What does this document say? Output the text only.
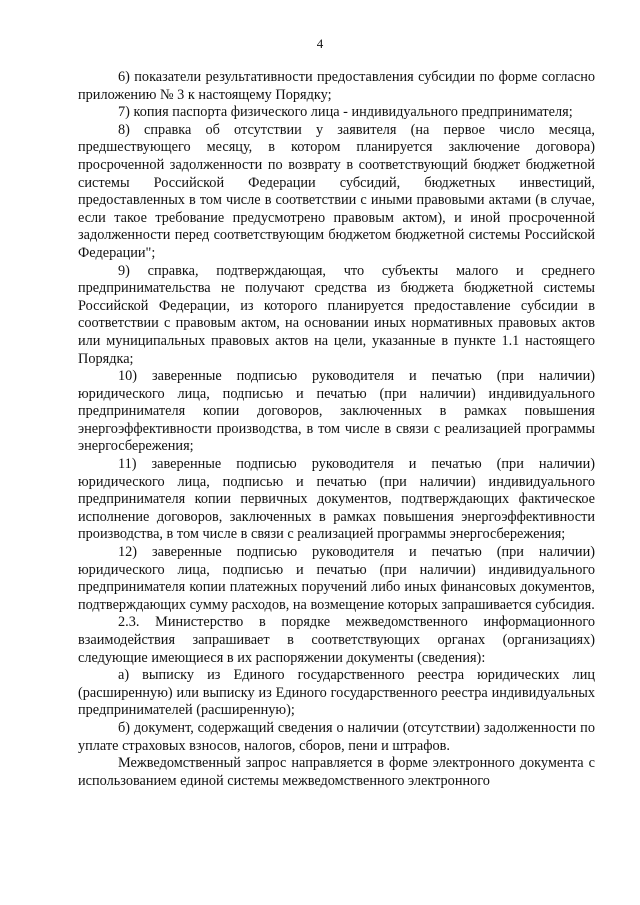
4

6) показатели результативности предоставления субсидии по форме согласно приложению № 3 к настоящему Порядку;

7) копия паспорта физического лица - индивидуального предпринимателя;

8) справка об отсутствии у заявителя (на первое число месяца, предшествующего месяцу, в котором планируется заключение договора) просроченной задолженности по возврату в соответствующий бюджет бюджетной системы Российской Федерации субсидий, бюджетных инвестиций, предоставленных в том числе в соответствии с иными правовыми актами (в случае, если такое требование предусмотрено правовым актом), и иной просроченной задолженности перед соответствующим бюджетом бюджетной системы Российской Федерации";

9) справка, подтверждающая, что субъекты малого и среднего предпринимательства не получают средства из бюджета бюджетной системы Российской Федерации, из которого планируется предоставление субсидии в соответствии с правовым актом, на основании иных нормативных правовых актов или муниципальных правовых актов на цели, указанные в пункте 1.1 настоящего Порядка;

10) заверенные подписью руководителя и печатью (при наличии) юридического лица, подписью и печатью (при наличии) индивидуального предпринимателя копии договоров, заключенных в рамках повышения энергоэффективности производства, в том числе в связи с реализацией программы энергосбережения;

11) заверенные подписью руководителя и печатью (при наличии) юридического лица, подписью и печатью (при наличии) индивидуального предпринимателя копии первичных документов, подтверждающих фактическое исполнение договоров, заключенных в рамках повышения энергоэффективности производства, в том числе в связи с реализацией программы энергосбережения;

12) заверенные подписью руководителя и печатью (при наличии) юридического лица, подписью и печатью (при наличии) индивидуального предпринимателя копии платежных поручений либо иных финансовых документов, подтверждающих сумму расходов, на возмещение которых запрашивается субсидия.

2.3. Министерство в порядке межведомственного информационного взаимодействия запрашивает в соответствующих органах (организациях) следующие имеющиеся в их распоряжении документы (сведения):

а) выписку из Единого государственного реестра юридических лиц (расширенную) или выписку из Единого государственного реестра индивидуальных предпринимателей (расширенную);

б) документ, содержащий сведения о наличии (отсутствии) задолженности по уплате страховых взносов, налогов, сборов, пени и штрафов.

Межведомственный запрос направляется в форме электронного документа с использованием единой системы межведомственного электронного
